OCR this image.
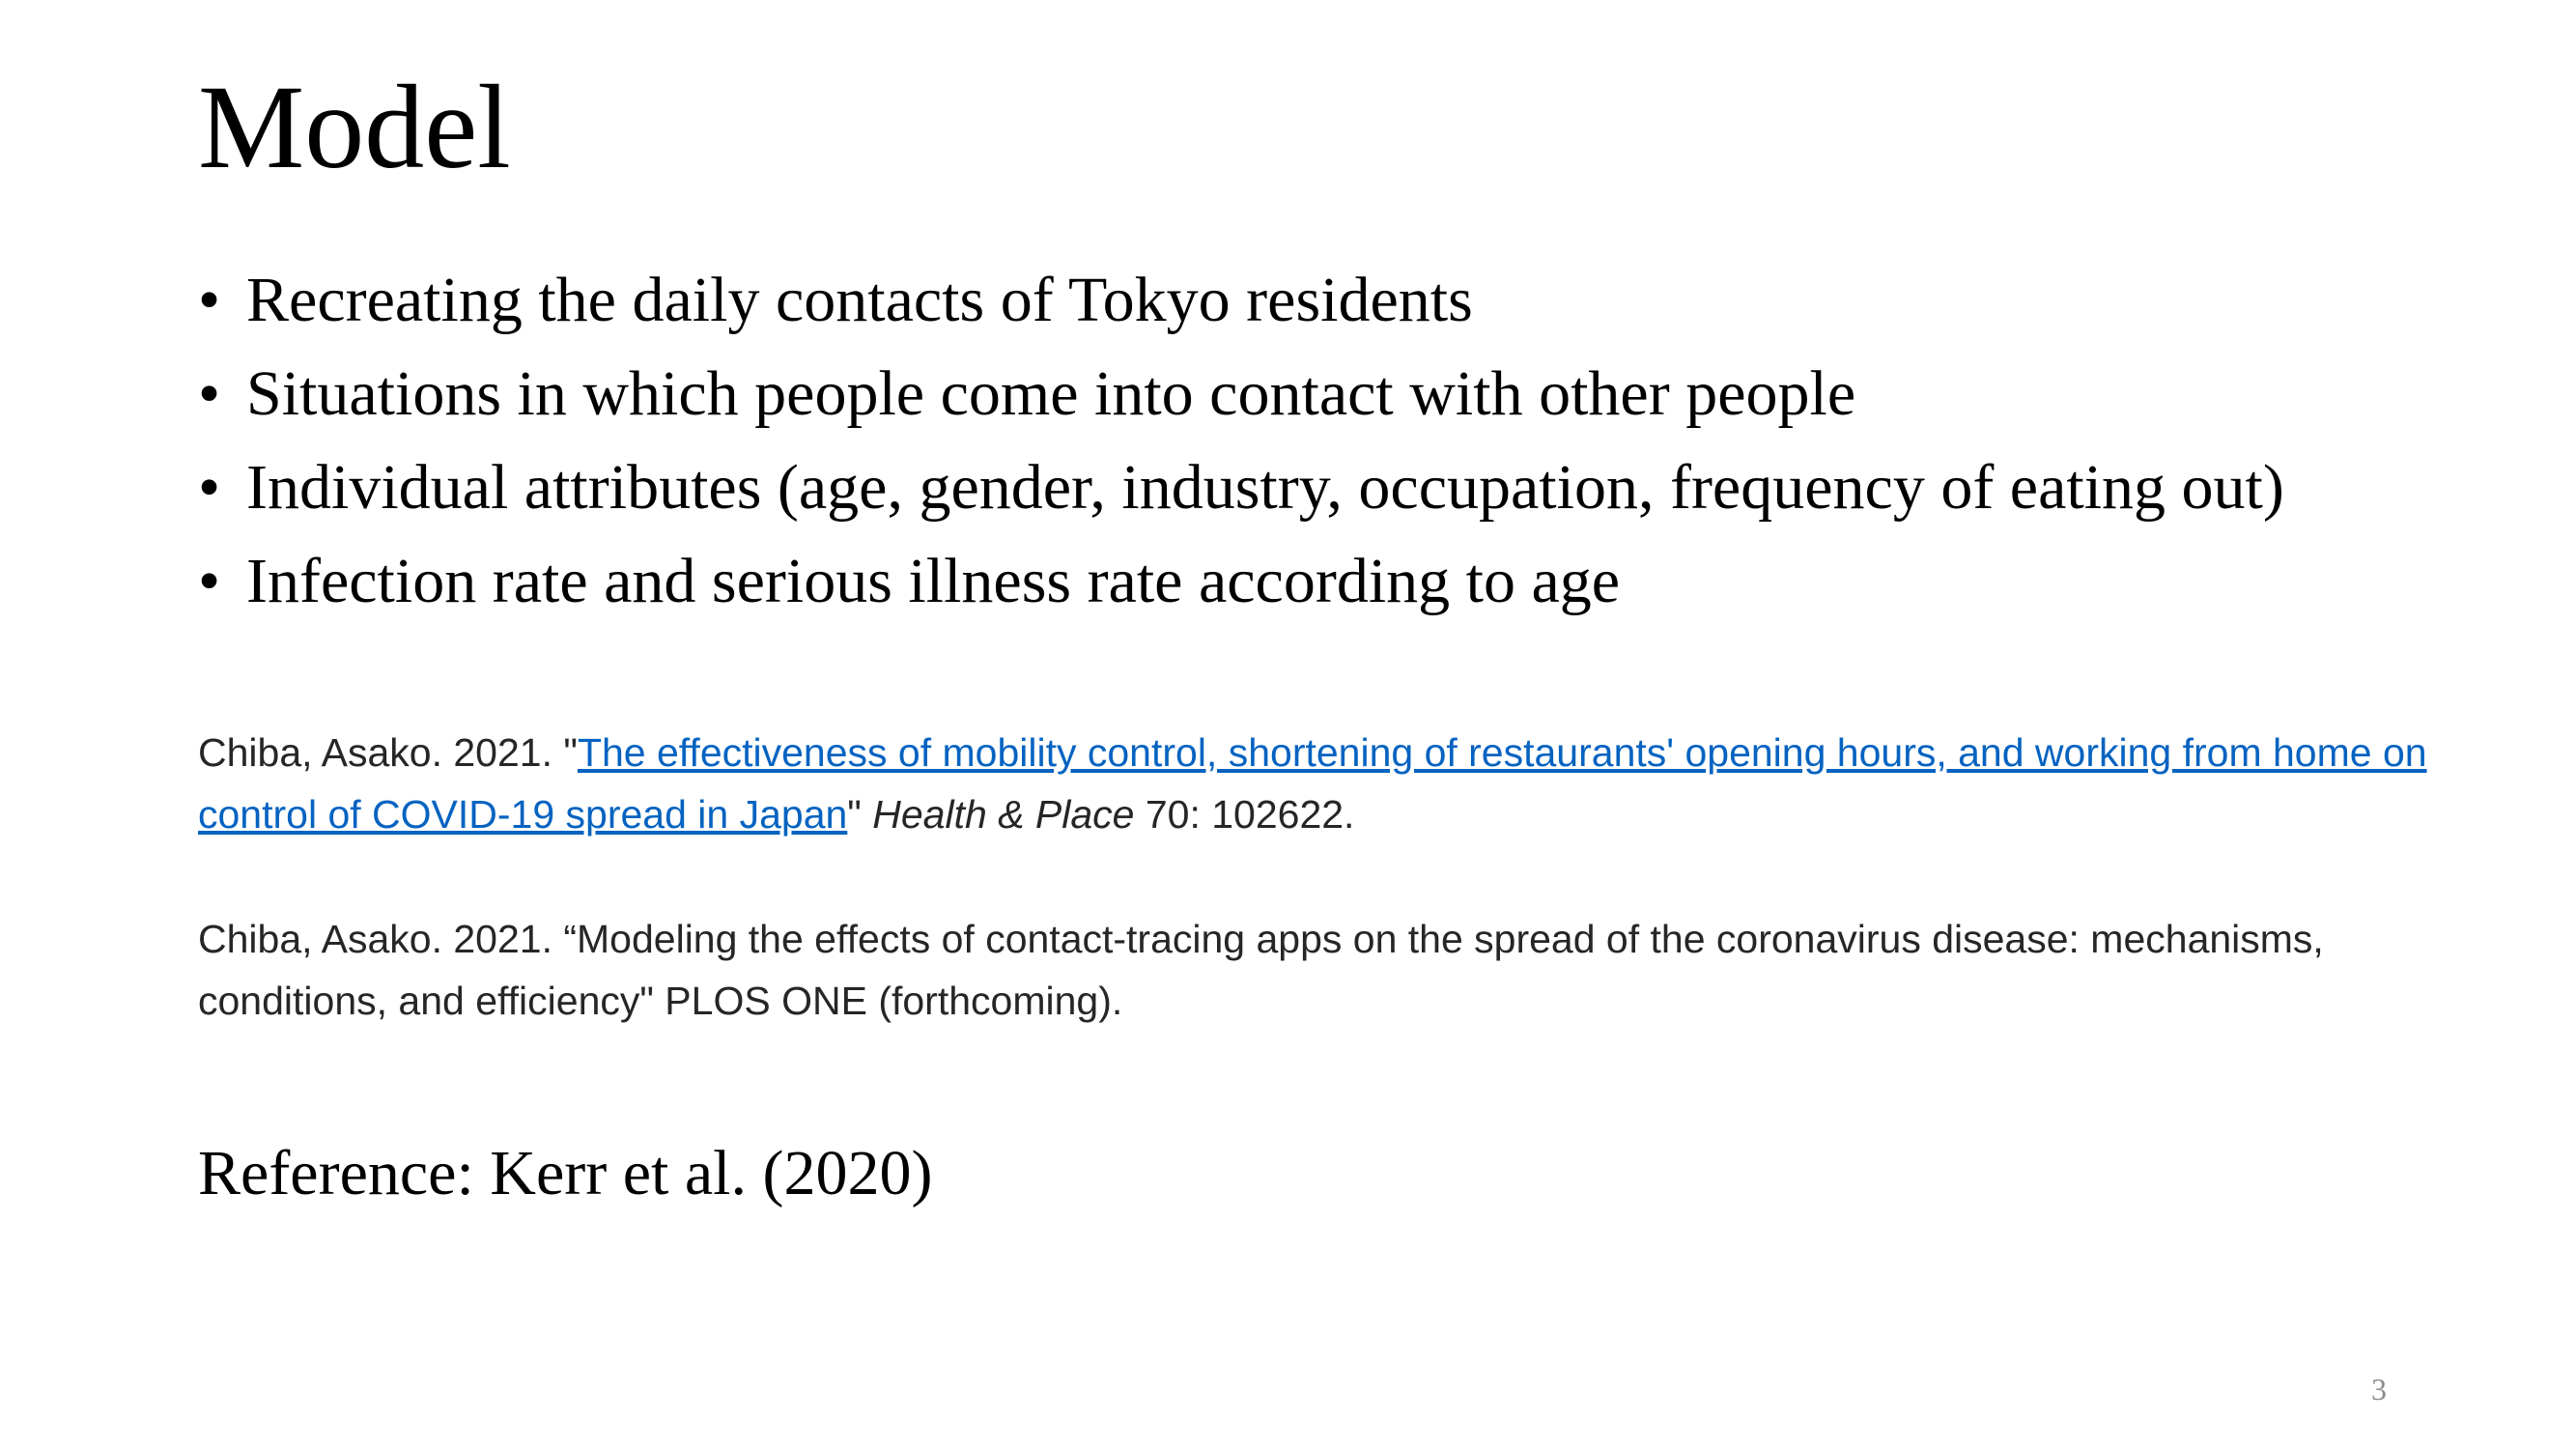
Model
• Recreating the daily contacts of Tokyo residents
• Situations in which people come into contact with other people
• Individual attributes (age, gender, industry, occupation, frequency of eating out)
• Infection rate and serious illness rate according to age
Chiba, Asako. 2021. "The effectiveness of mobility control, shortening of restaurants' opening hours, and working from home on control of COVID-19 spread in Japan" Health & Place 70: 102622.
Chiba, Asako. 2021. “Modeling the effects of contact-tracing apps on the spread of the coronavirus disease: mechanisms, conditions, and efficiency" PLOS ONE (forthcoming).
Reference: Kerr et al. (2020)
3
